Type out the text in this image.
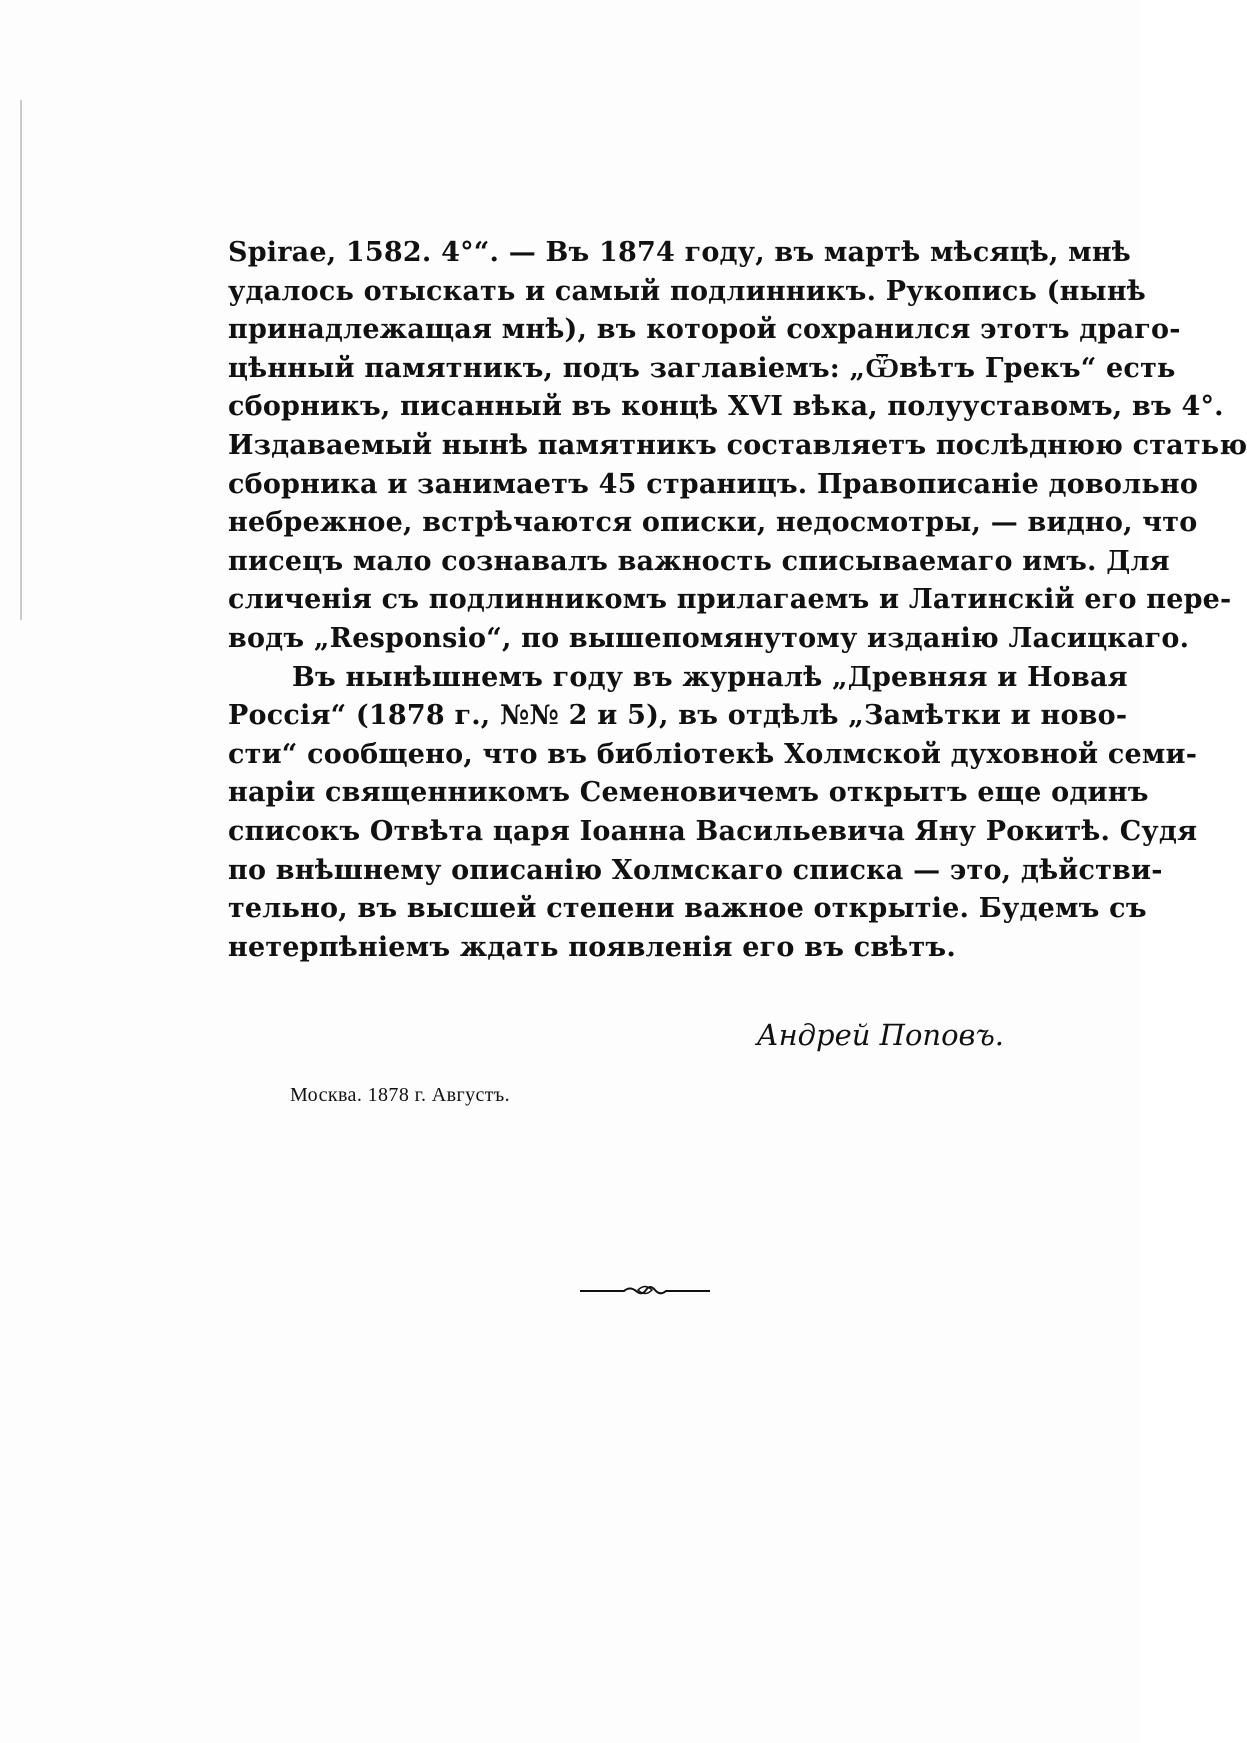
Spirae, 1582. 4°“. — Въ 1874 году, въ мартѣ мѣсяцѣ, мнѣ
удалось отыскать и самый подлинникъ. Рукопись (нынѣ
принадлежащая мнѣ), въ которой сохранился этотъ драго-
цѣнный памятникъ, подъ заглавіемъ: „Ѿвѣтъ Грекъ“ есть
сборникъ, писанный въ концѣ XVI вѣка, полууставомъ, въ 4°.
Издаваемый нынѣ памятникъ составляетъ послѣднюю статью
сборника и занимаетъ 45 страницъ. Правописаніе довольно
небрежное, встрѣчаются описки, недосмотры, — видно, что
писецъ мало сознавалъ важность списываемаго имъ. Для
сличенія съ подлинникомъ прилагаемъ и Латинскій его пере-
водъ „Responsio“, по вышепомянутому изданію Ласицкаго.
Въ нынѣшнемъ году въ журналѣ „Древняя и Новая
Россія“ (1878 г., №№ 2 и 5), въ отдѣлѣ „Замѣтки и ново-
сти“ сообщено, что въ библіотекѣ Холмской духовной семи-
наріи священникомъ Семеновичемъ открытъ еще одинъ
списокъ Отвѣта царя Іоанна Васильевича Яну Рокитѣ. Судя
по внѣшнему описанію Холмскаго списка — это, дѣйстви-
тельно, въ высшей степени важное открытіе. Будемъ съ
нетерпѣніемъ ждать появленія его въ свѣтъ.
Андрей Поповъ.
Москва. 1878 г. Августъ.
